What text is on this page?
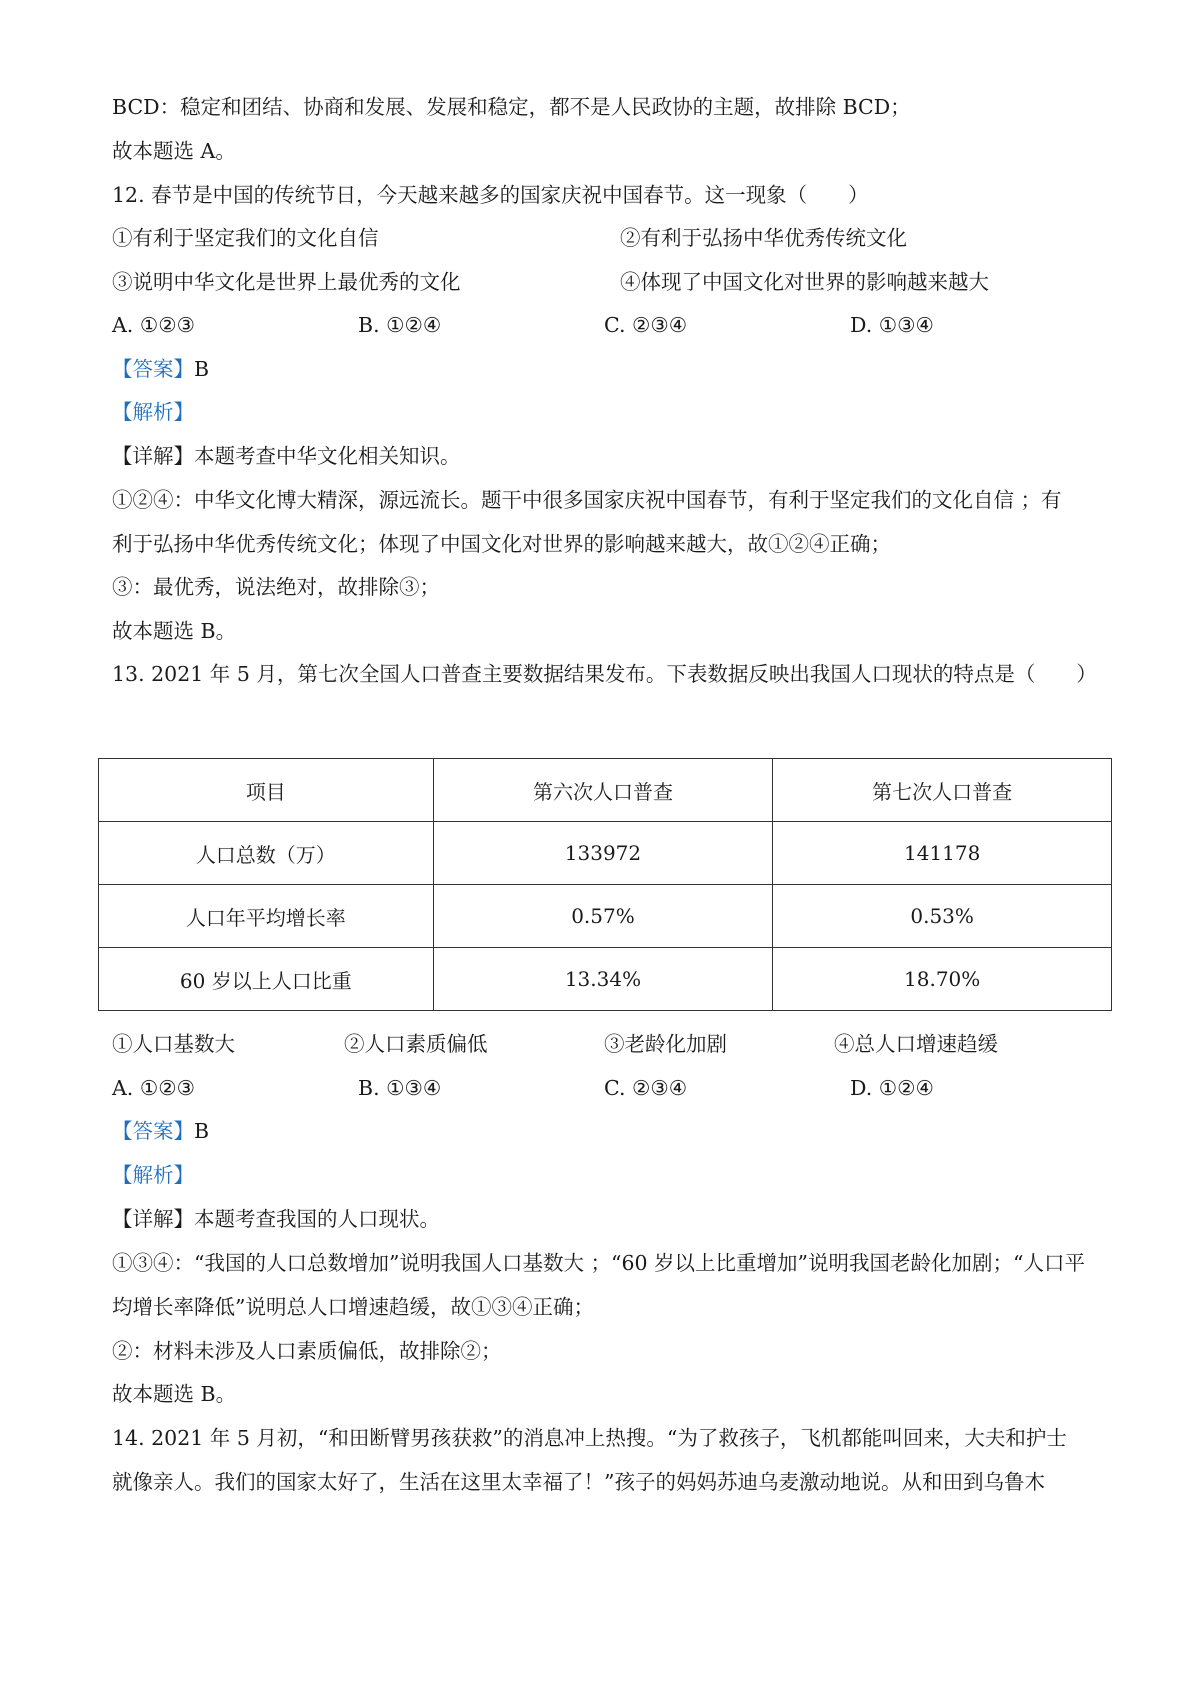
BCD：稳定和团结、协商和发展、发展和稳定，都不是人民政协的主题，故排除 BCD；
故本题选 A。
12. 春节是中国的传统节日，今天越来越多的国家庆祝中国春节。这一现象（　　）
①有利于坚定我们的文化自信	②有利于弘扬中华优秀传统文化
③说明中华文化是世界上最优秀的文化	④体现了中国文化对世界的影响越来越大
A. ①②③	B. ①②④	C. ②③④	D. ①③④
【答案】B
【解析】
【详解】本题考查中华文化相关知识。
①②④：中华文化博大精深，源远流长。题干中很多国家庆祝中国春节，有利于坚定我们的文化自信 ；有
利于弘扬中华优秀传统文化；体现了中国文化对世界的影响越来越大，故①②④正确；
③：最优秀，说法绝对，故排除③；
故本题选 B。
13. 2021 年 5 月，第七次全国人口普查主要数据结果发布。下表数据反映出我国人口现状的特点是（　　）
项目	第六次人口普查	第七次人口普查
人口总数（万）	133972	141178
人口年平均增长率	0.57%	0.53%
60 岁以上人口比重	13.34%	18.70%
①人口基数大	②人口素质偏低	③老龄化加剧	④总人口增速趋缓
A. ①②③	B. ①③④	C. ②③④	D. ①②④
【答案】B
【解析】
【详解】本题考查我国的人口现状。
①③④：“我国的人口总数增加”说明我国人口基数大 ；“60 岁以上比重增加”说明我国老龄化加剧；“人口平
均增长率降低”说明总人口增速趋缓，故①③④正确；
②：材料未涉及人口素质偏低，故排除②；
故本题选 B。
14. 2021 年 5 月初，“和田断臂男孩获救”的消息冲上热搜。“为了救孩子，飞机都能叫回来，大夫和护士
就像亲人。我们的国家太好了，生活在这里太幸福了！”孩子的妈妈苏迪乌麦激动地说。从和田到乌鲁木
